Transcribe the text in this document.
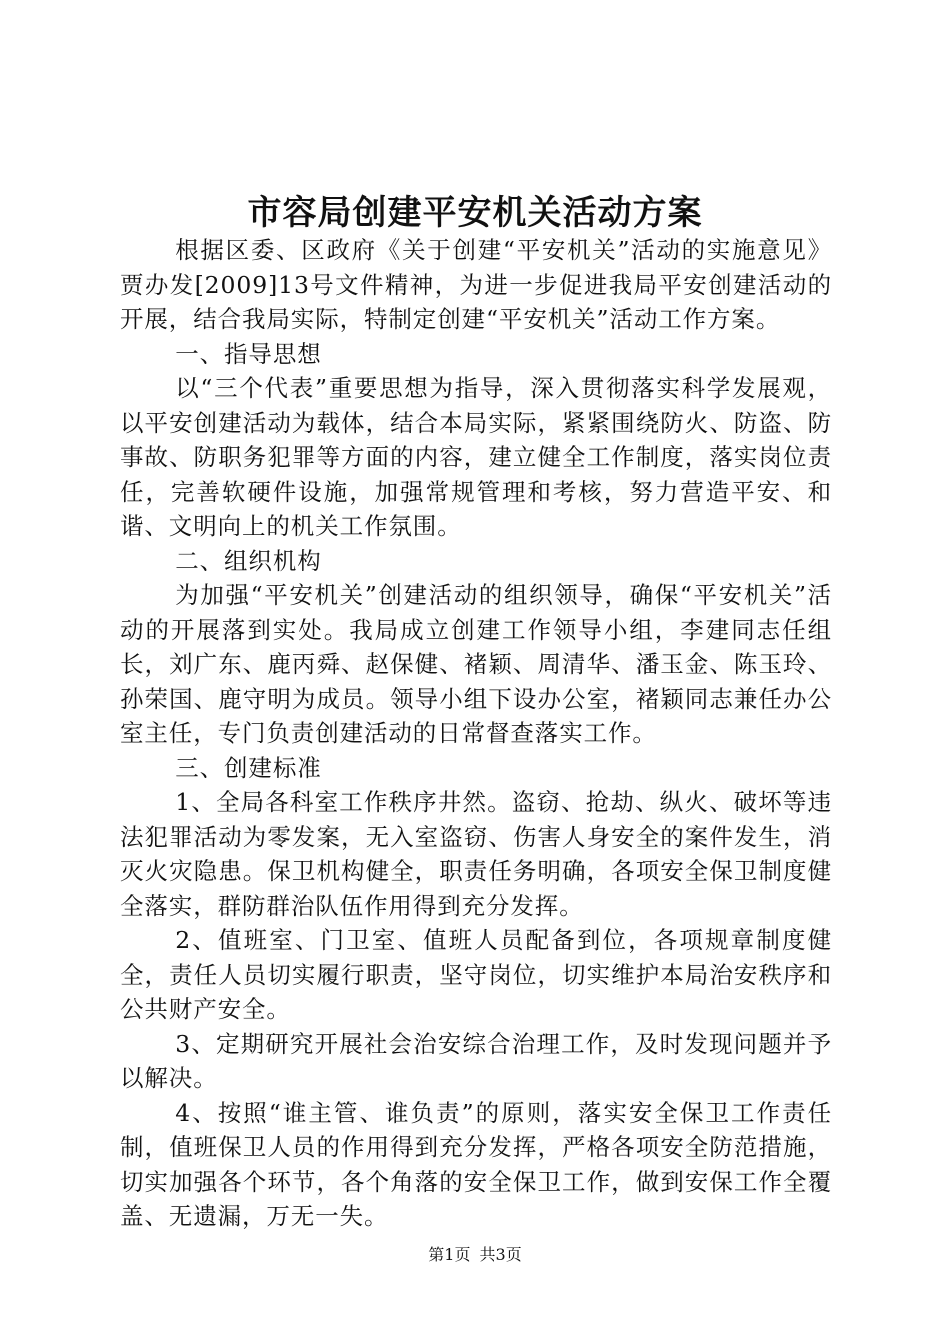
市容局创建平安机关活动方案

根据区委、区政府《关于创建“平安机关”活动的实施意见》贾办发[2009]13号文件精神，为进一步促进我局平安创建活动的开展，结合我局实际，特制定创建“平安机关”活动工作方案。

一、指导思想

以“三个代表”重要思想为指导，深入贯彻落实科学发展观，以平安创建活动为载体，结合本局实际，紧紧围绕防火、防盗、防事故、防职务犯罪等方面的内容，建立健全工作制度，落实岗位责任，完善软硬件设施，加强常规管理和考核，努力营造平安、和谐、文明向上的机关工作氛围。

二、组织机构

为加强“平安机关”创建活动的组织领导，确保“平安机关”活动的开展落到实处。我局成立创建工作领导小组，李建同志任组长，刘广东、鹿丙舜、赵保健、褚颖、周清华、潘玉金、陈玉玲、孙荣国、鹿守明为成员。领导小组下设办公室，褚颖同志兼任办公室主任，专门负责创建活动的日常督查落实工作。

三、创建标准

1、全局各科室工作秩序井然。盗窃、抢劫、纵火、破坏等违法犯罪活动为零发案，无入室盗窃、伤害人身安全的案件发生，消灭火灾隐患。保卫机构健全，职责任务明确，各项安全保卫制度健全落实，群防群治队伍作用得到充分发挥。

2、值班室、门卫室、值班人员配备到位，各项规章制度健全，责任人员切实履行职责，坚守岗位，切实维护本局治安秩序和公共财产安全。

3、定期研究开展社会治安综合治理工作，及时发现问题并予以解决。

4、按照“谁主管、谁负责”的原则，落实安全保卫工作责任制，值班保卫人员的作用得到充分发挥，严格各项安全防范措施，切实加强各个环节，各个角落的安全保卫工作，做到安保工作全覆盖、无遗漏，万无一失。

第1页 共3页
